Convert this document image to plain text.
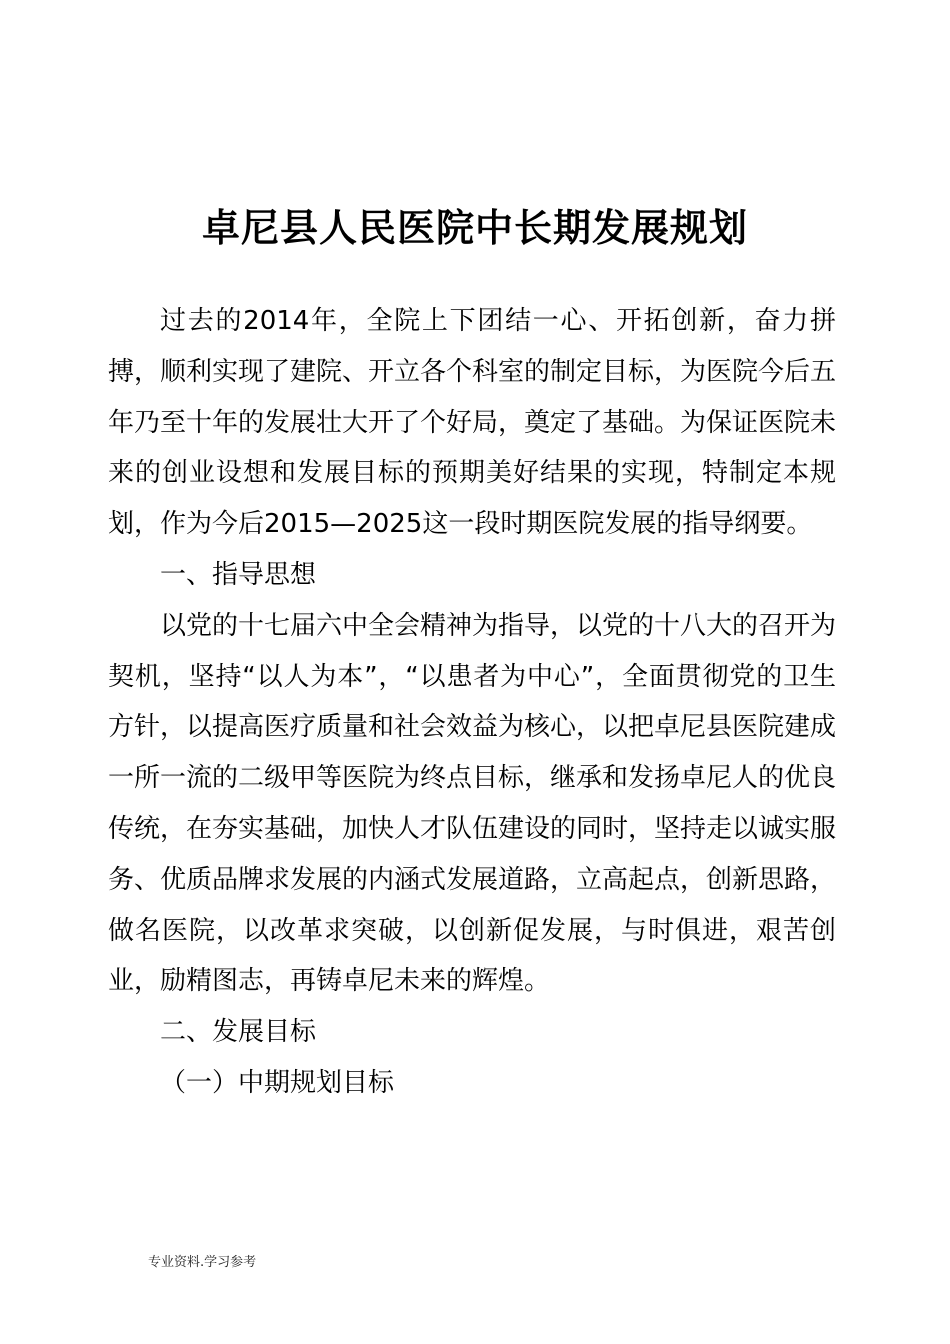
卓尼县人民医院中长期发展规划

过去的2014年，全院上下团结一心、开拓创新，奋力拼搏，顺利实现了建院、开立各个科室的制定目标，为医院今后五年乃至十年的发展壮大开了个好局，奠定了基础。为保证医院未来的创业设想和发展目标的预期美好结果的实现，特制定本规划，作为今后2015—2025这一段时期医院发展的指导纲要。

一、指导思想

以党的十七届六中全会精神为指导，以党的十八大的召开为契机，坚持“以人为本”，“以患者为中心”，全面贯彻党的卫生方针，以提高医疗质量和社会效益为核心，以把卓尼县医院建成一所一流的二级甲等医院为终点目标，继承和发扬卓尼人的优良传统，在夯实基础，加快人才队伍建设的同时，坚持走以诚实服务、优质品牌求发展的内涵式发展道路，立高起点，创新思路，做名医院，以改革求突破，以创新促发展，与时俱进，艰苦创业，励精图志，再铸卓尼未来的辉煌。

二、发展目标

（一）中期规划目标

专业资料.学习参考
